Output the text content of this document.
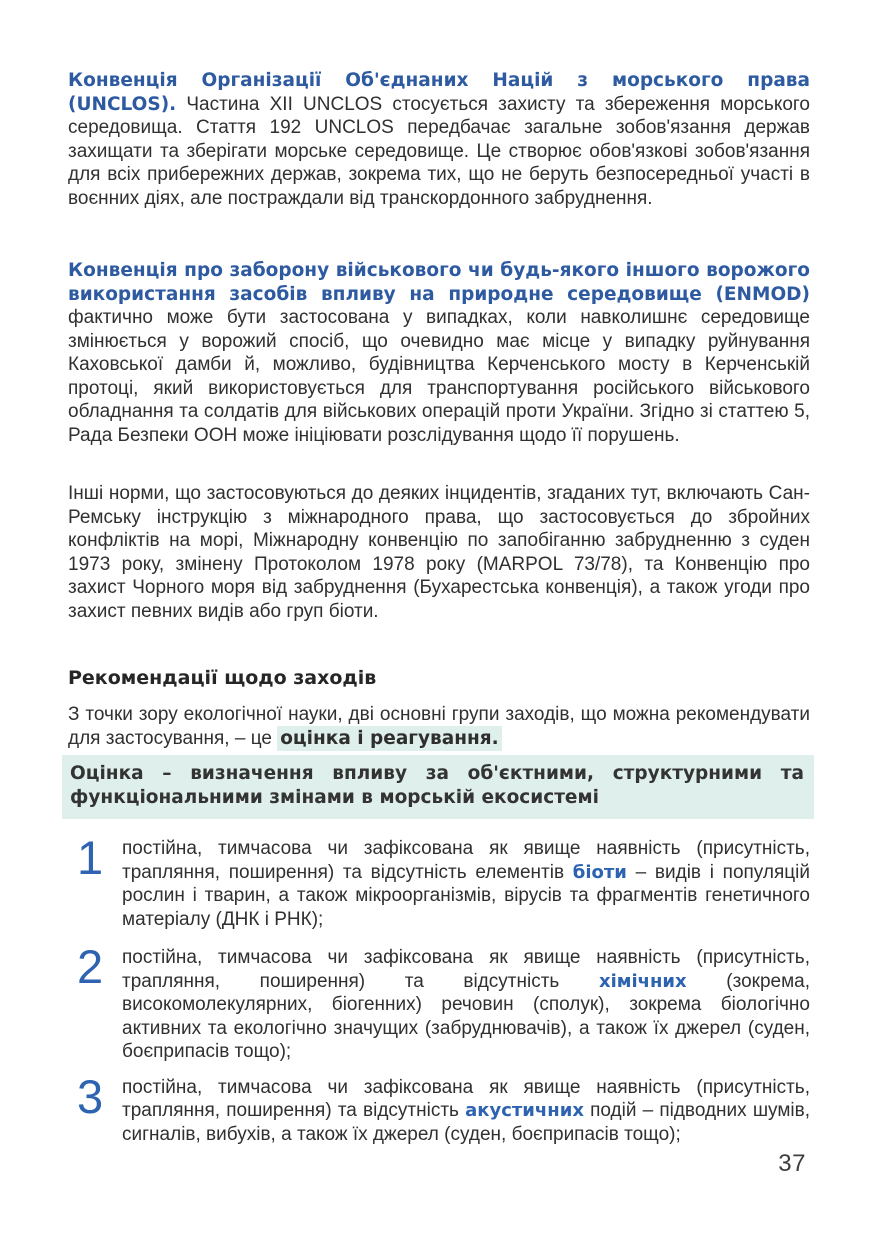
Конвенція Організації Об'єднаних Націй з морського права (UNCLOS). Частина XII UNCLOS стосується захисту та збереження морського середовища. Стаття 192 UNCLOS передбачає загальне зобов'язання держав захищати та зберігати морське середовище. Це створює обов'язкові зобов'язання для всіх прибережних держав, зокрема тих, що не беруть безпосередньої участі в воєнних діях, але постраждали від транскордонного забруднення.

Конвенція про заборону військового чи будь-якого іншого ворожого використання засобів впливу на природне середовище (ENMOD) фактично може бути застосована у випадках, коли навколишнє середовище змінюється у ворожий спосіб, що очевидно має місце у випадку руйнування Каховської дамби й, можливо, будівництва Керченського мосту в Керченській протоці, який використовується для транспортування російського військового обладнання та солдатів для військових операцій проти України. Згідно зі статтею 5, Рада Безпеки ООН може ініціювати розслідування щодо її порушень.

Інші норми, що застосовуються до деяких інцидентів, згаданих тут, включають Сан-Ремську інструкцію з міжнародного права, що застосовується до збройних конфліктів на морі, Міжнародну конвенцію по запобіганню забрудненню з суден 1973 року, змінену Протоколом 1978 року (MARPOL 73/78), та Конвенцію про захист Чорного моря від забруднення (Бухарестська конвенція), а також угоди про захист певних видів або груп біоти.

Рекомендації щодо заходів

З точки зору екологічної науки, дві основні групи заходів, що можна рекомендувати для застосування, – це оцінка і реагування.

Оцінка – визначення впливу за об'єктними, структурними та функціональними змінами в морській екосистемі

1 постійна, тимчасова чи зафіксована як явище наявність (присутність, трапляння, поширення) та відсутність елементів біоти – видів і популяцій рослин і тварин, а також мікроорганізмів, вірусів та фрагментів генетичного матеріалу (ДНК і РНК);

2 постійна, тимчасова чи зафіксована як явище наявність (присутність, трапляння, поширення) та відсутність хімічних (зокрема, високомолекулярних, біогенних) речовин (сполук), зокрема біологічно активних та екологічно значущих (забруднювачів), а також їх джерел (суден, боєприпасів тощо);

3 постійна, тимчасова чи зафіксована як явище наявність (присутність, трапляння, поширення) та відсутність акустичних подій – підводних шумів, сигналів, вибухів, а також їх джерел (суден, боєприпасів тощо);

37
